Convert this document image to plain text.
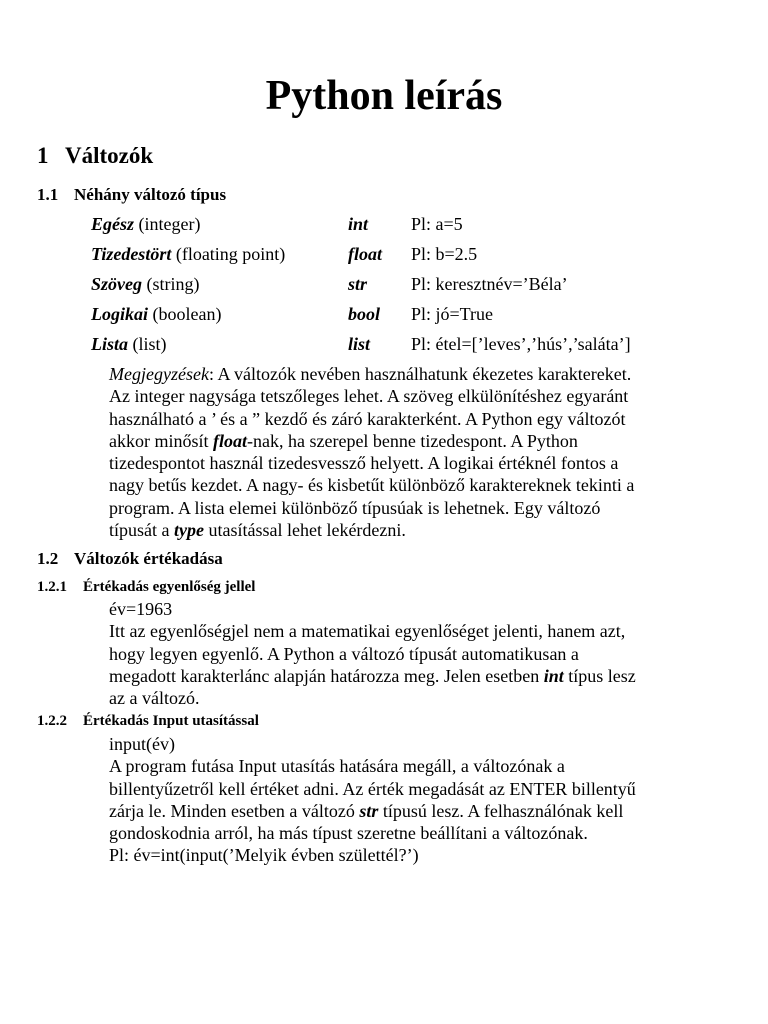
Python leírás
1 Változók
1.1 Néhány változó típus
Egész (integer)	int Pl: a=5
Tizedestört (floating point)	float Pl: b=2.5
Szöveg (string)	str Pl: keresztnév=’Béla’
Logikai (boolean)	bool Pl: jó=True
Lista (list)	list Pl: étel=[’leves’,’hús’,’saláta’]
Megjegyzések: A változók nevében használhatunk ékezetes karaktereket.
Az integer nagysága tetszőleges lehet. A szöveg elkülönítéshez egyaránt
használható a ’ és a ” kezdő és záró karakterként. A Python egy változót
akkor minősít float-nak, ha szerepel benne tizedespont. A Python
tizedespontot használ tizedesvessző helyett. A logikai értéknél fontos a
nagy betűs kezdet. A nagy- és kisbetűt különböző karaktereknek tekinti a
program. A lista elemei különböző típusúak is lehetnek. Egy változó
típusát a type utasítással lehet lekérdezni.
1.2 Változók értékadása
1.2.1 Értékadás egyenlőség jellel
év=1963
Itt az egyenlőségjel nem a matematikai egyenlőséget jelenti, hanem azt,
hogy legyen egyenlő. A Python a változó típusát automatikusan a
megadott karakterlánc alapján határozza meg. Jelen esetben int típus lesz
az a változó.
1.2.2 Értékadás Input utasítással
input(év)
A program futása Input utasítás hatására megáll, a változónak a
billentyűzetről kell értéket adni. Az érték megadását az ENTER billentyű
zárja le. Minden esetben a változó str típusú lesz. A felhasználónak kell
gondoskodnia arról, ha más típust szeretne beállítani a változónak.
Pl: év=int(input(’Melyik évben születtél?’)
